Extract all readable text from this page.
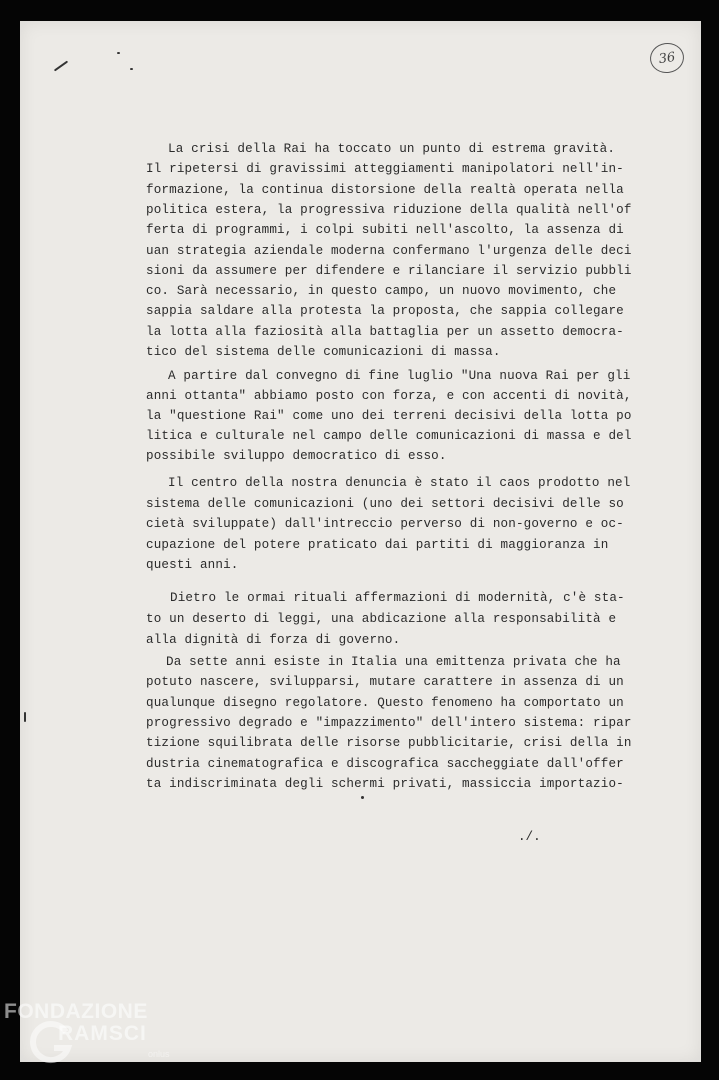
36
La crisi della Rai ha toccato un punto di estrema gravità.
Il ripetersi di gravissimi atteggiamenti manipolatori nell'in-
formazione, la continua distorsione della realtà operata nella
politica estera, la progressiva riduzione della qualità nell'of
ferta di programmi, i colpi subiti nell'ascolto, la assenza di
uan strategia aziendale moderna confermano l'urgenza delle deci
sioni da assumere per difendere e rilanciare il servizio pubbli
co. Sarà necessario, in questo campo, un nuovo movimento, che
sappia saldare alla protesta la proposta, che sappia collegare
la lotta alla faziosità alla battaglia per un assetto democra-
tico del sistema delle comunicazioni di massa.
A partire dal convegno di fine luglio "Una nuova Rai per gli
anni ottanta" abbiamo posto con forza, e con accenti di novità,
la "questione Rai" come uno dei terreni decisivi della lotta po
litica e culturale nel campo delle comunicazioni di massa e del
possibile sviluppo democratico di esso.
Il centro della nostra denuncia è stato il caos prodotto nel
sistema delle comunicazioni (uno dei settori decisivi delle so
cietà sviluppate) dall'intreccio perverso di non-governo e oc-
cupazione del potere praticato dai partiti di maggioranza in
questi anni.
Dietro le ormai rituali affermazioni di modernità, c'è sta-
to un deserto di leggi, una abdicazione alla responsabilità e
alla dignità di forza di governo.
Da sette anni esiste in Italia una emittenza privata che ha
potuto nascere, svilupparsi, mutare carattere in assenza di un
qualunque disegno regolatore. Questo fenomeno ha comportato un
progressivo degrado e "impazzimento" dell'intero sistema: ripar
tizione squilibrata delle risorse pubblicitarie, crisi della in
dustria cinematografica e discografica saccheggiate dall'offer
ta indiscriminata degli schermi privati, massiccia importazio-
./.
FONDAZIONE
RAMSCI
onlus
